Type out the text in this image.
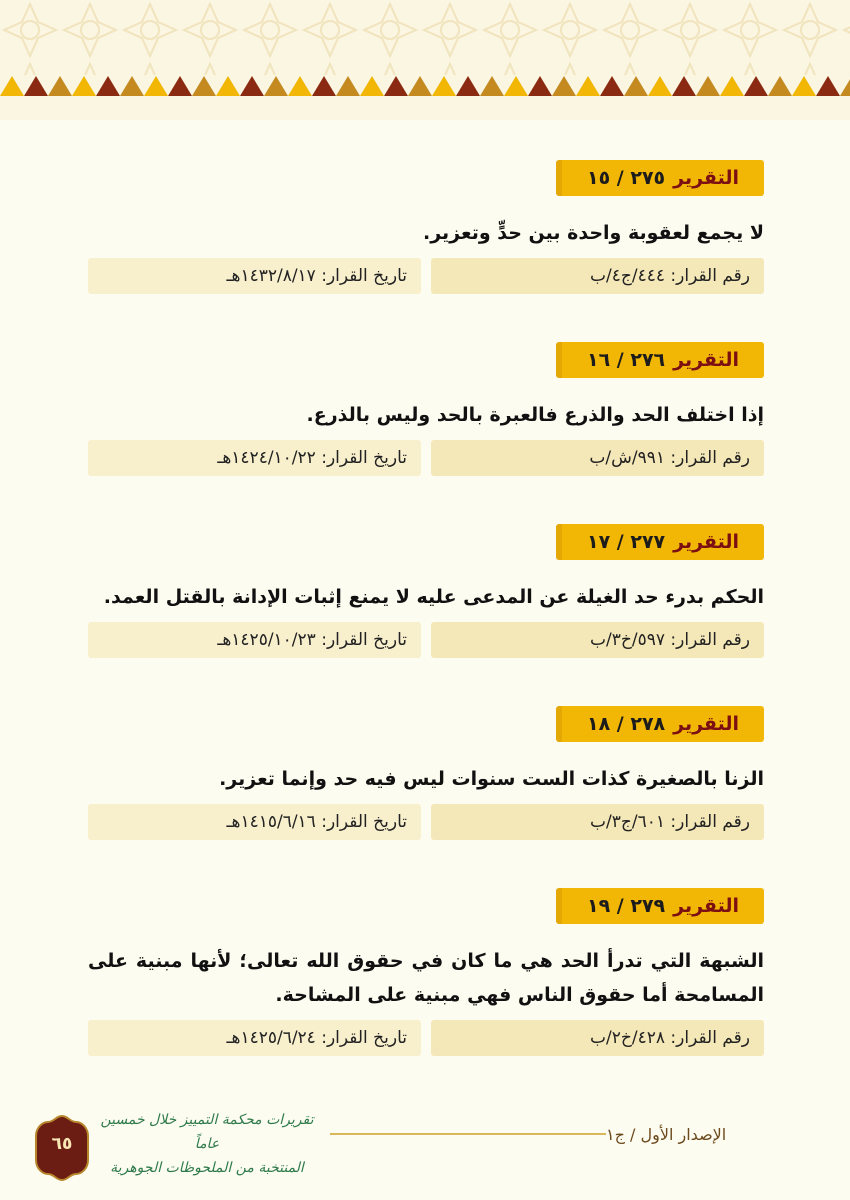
التقرير
٢٧٥ / ١٥
لا يجمع لعقوبة واحدة بين حدٍّ وتعزير.
رقم القرار: ٤٤٤/ج٤/ب
تاريخ القرار: ١٤٣٢/٨/١٧هـ
التقرير
٢٧٦ / ١٦
إذا اختلف الحد والذرع فالعبرة بالحد وليس بالذرع.
رقم القرار: ٩٩١/ش/ب
تاريخ القرار: ١٤٢٤/١٠/٢٢هـ
التقرير
٢٧٧ / ١٧
الحكم بدرء حد الغيلة عن المدعى عليه لا يمنع إثبات الإدانة بالقتل العمد.
رقم القرار: ٥٩٧/خ٣/ب
تاريخ القرار: ١٤٢٥/١٠/٢٣هـ
التقرير
٢٧٨ / ١٨
الزنا بالصغيرة كذات الست سنوات ليس فيه حد وإنما تعزير.
رقم القرار: ٦٠١/ج٣/ب
تاريخ القرار: ١٤١٥/٦/١٦هـ
التقرير
٢٧٩ / ١٩
الشبهة التي تدرأ الحد هي ما كان في حقوق الله تعالى؛ لأنها مبنية على المسامحة أما حقوق الناس فهي مبنية على المشاحة.
رقم القرار: ٤٢٨/خ٢/ب
تاريخ القرار: ١٤٢٥/٦/٢٤هـ
الإصدار الأول / ج١
تقريرات محكمة التمييز خلال خمسين عاماً
المنتخبة من الملحوظات الجوهرية
٦٥
